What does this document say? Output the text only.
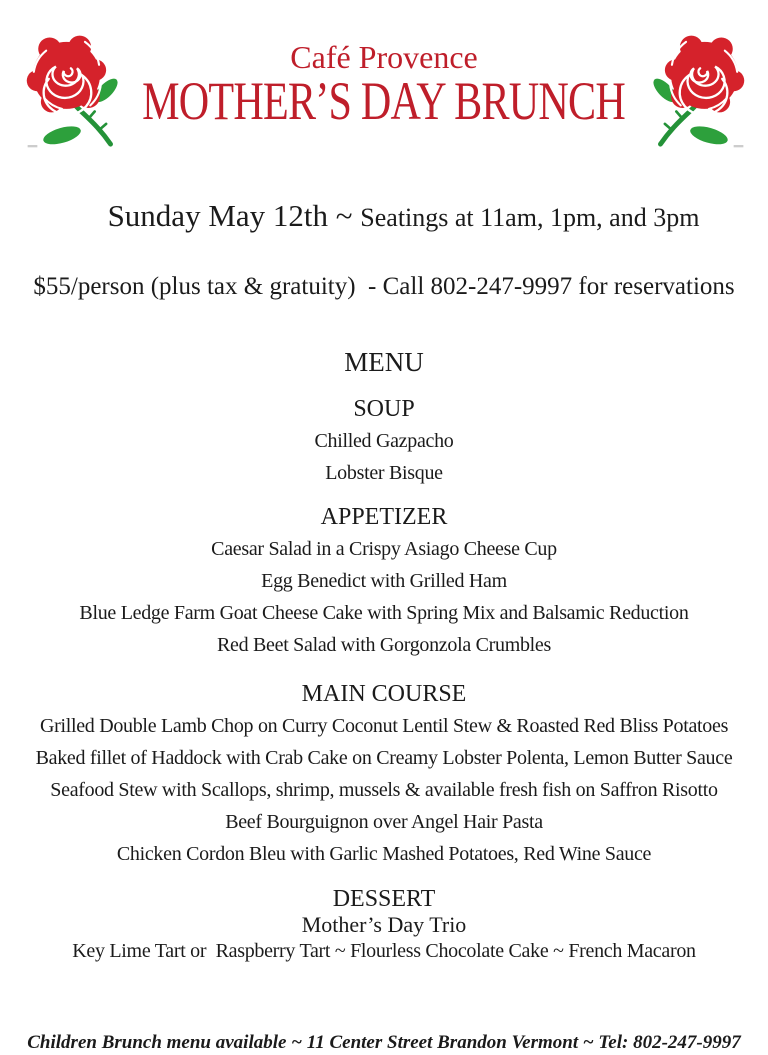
Café Provence
MOTHER’S DAY BRUNCH

Sunday May 12th ~ Seatings at 11am, 1pm, and 3pm

$55/person (plus tax & gratuity)  - Call 802-247-9997 for reservations
MENU
SOUP

Chilled Gazpacho

Lobster Bisque

APPETIZER

Caesar Salad in a Crispy Asiago Cheese Cup

Egg Benedict with Grilled Ham

Blue Ledge Farm Goat Cheese Cake with Spring Mix and Balsamic Reduction

Red Beet Salad with Gorgonzola Crumbles

MAIN COURSE

Grilled Double Lamb Chop on Curry Coconut Lentil Stew & Roasted Red Bliss Potatoes

Baked fillet of Haddock with Crab Cake on Creamy Lobster Polenta, Lemon Butter Sauce

Seafood Stew with Scallops, shrimp, mussels & available fresh fish on Saffron Risotto

Beef Bourguignon over Angel Hair Pasta

Chicken Cordon Bleu with Garlic Mashed Potatoes, Red Wine Sauce

DESSERT

Mother’s Day Trio

Key Lime Tart or  Raspberry Tart ~ Flourless Chocolate Cake ~ French Macaron

Children Brunch menu available ~ 11 Center Street Brandon Vermont ~ Tel: 802-247-9997
